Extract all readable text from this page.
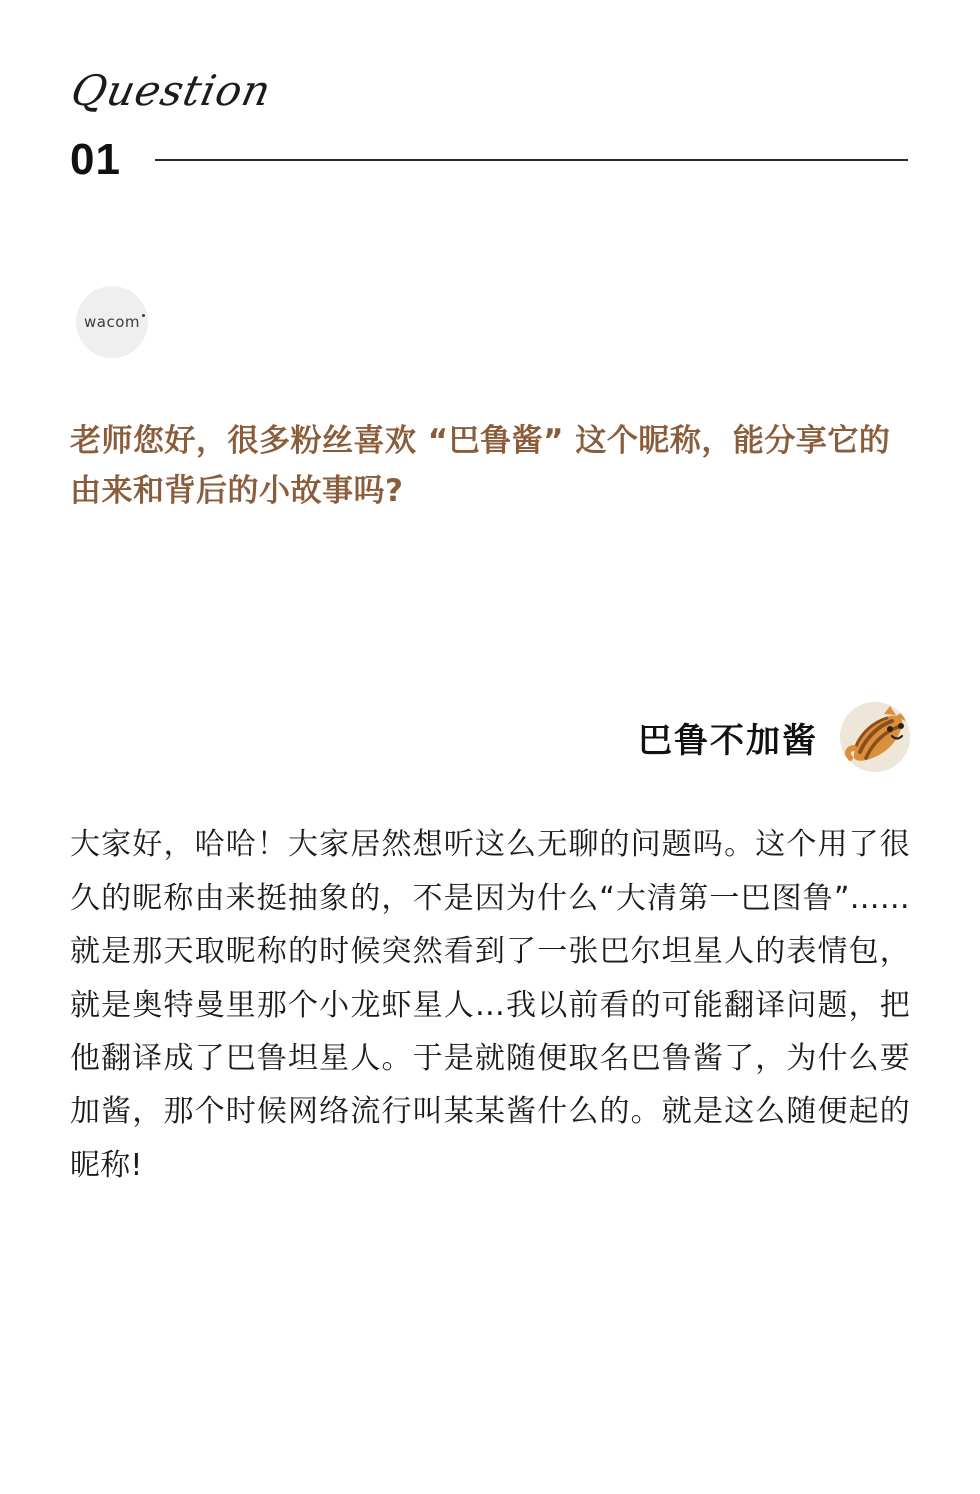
Question
01
wacom
老师您好，很多粉丝喜欢 “巴鲁酱” 这个昵称，能分享它的由来和背后的小故事吗?
巴鲁不加酱
大家好，哈哈！大家居然想听这么无聊的问题吗。这个用了很久的昵称由来挺抽象的，不是因为什么“大清第一巴图鲁”……就是那天取昵称的时候突然看到了一张巴尔坦星人的表情包，就是奥特曼里那个小龙虾星人…我以前看的可能翻译问题，把他翻译成了巴鲁坦星人。于是就随便取名巴鲁酱了，为什么要加酱，那个时候网络流行叫某某酱什么的。就是这么随便起的昵称!
